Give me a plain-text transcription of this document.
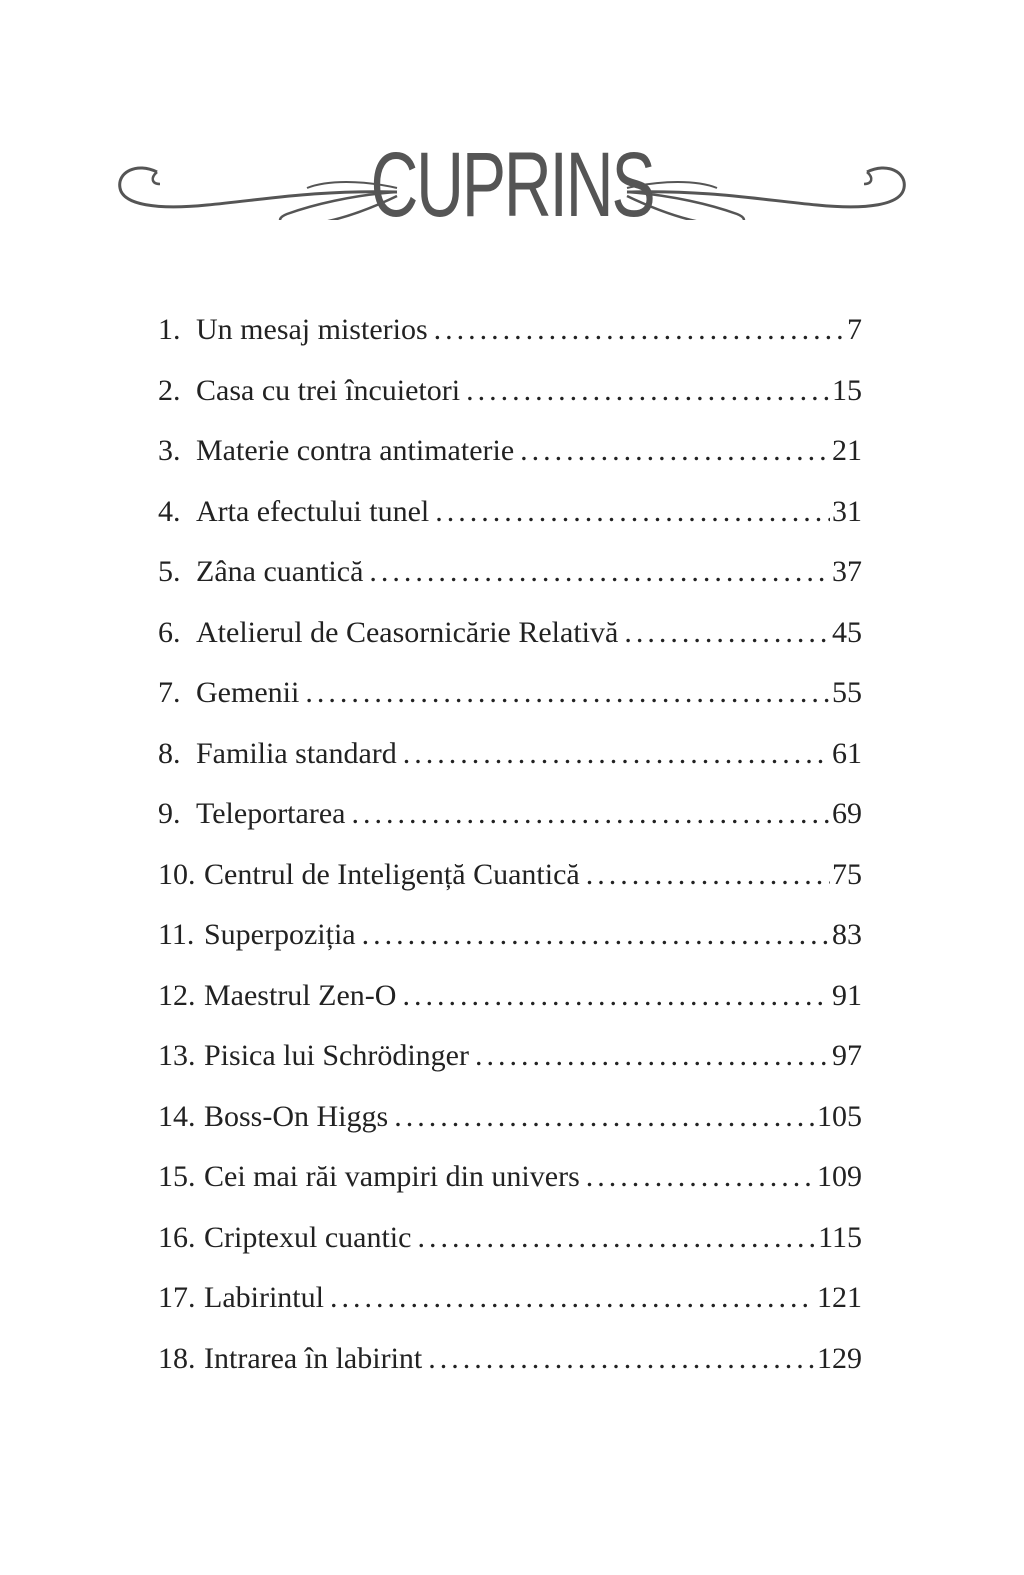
CUPRINS
1. Un mesaj misterios .....	7
2. Casa cu trei încuietori .....	15
3. Materie contra antimaterie .....	21
4. Arta efectului tunel .....	31
5. Zâna cuantică .....	37
6. Atelierul de Ceasornicărie Relativă .....	45
7. Gemenii .....	55
8. Familia standard .....	61
9. Teleportarea .....	69
10. Centrul de Inteligență Cuantică .....	75
11. Superpoziția .....	83
12. Maestrul Zen-O .....	91
13. Pisica lui Schrödinger .....	97
14. Boss-On Higgs .....	105
15. Cei mai răi vampiri din univers .....	109
16. Criptexul cuantic .....	115
17. Labirintul .....	121
18. Intrarea în labirint .....	129
